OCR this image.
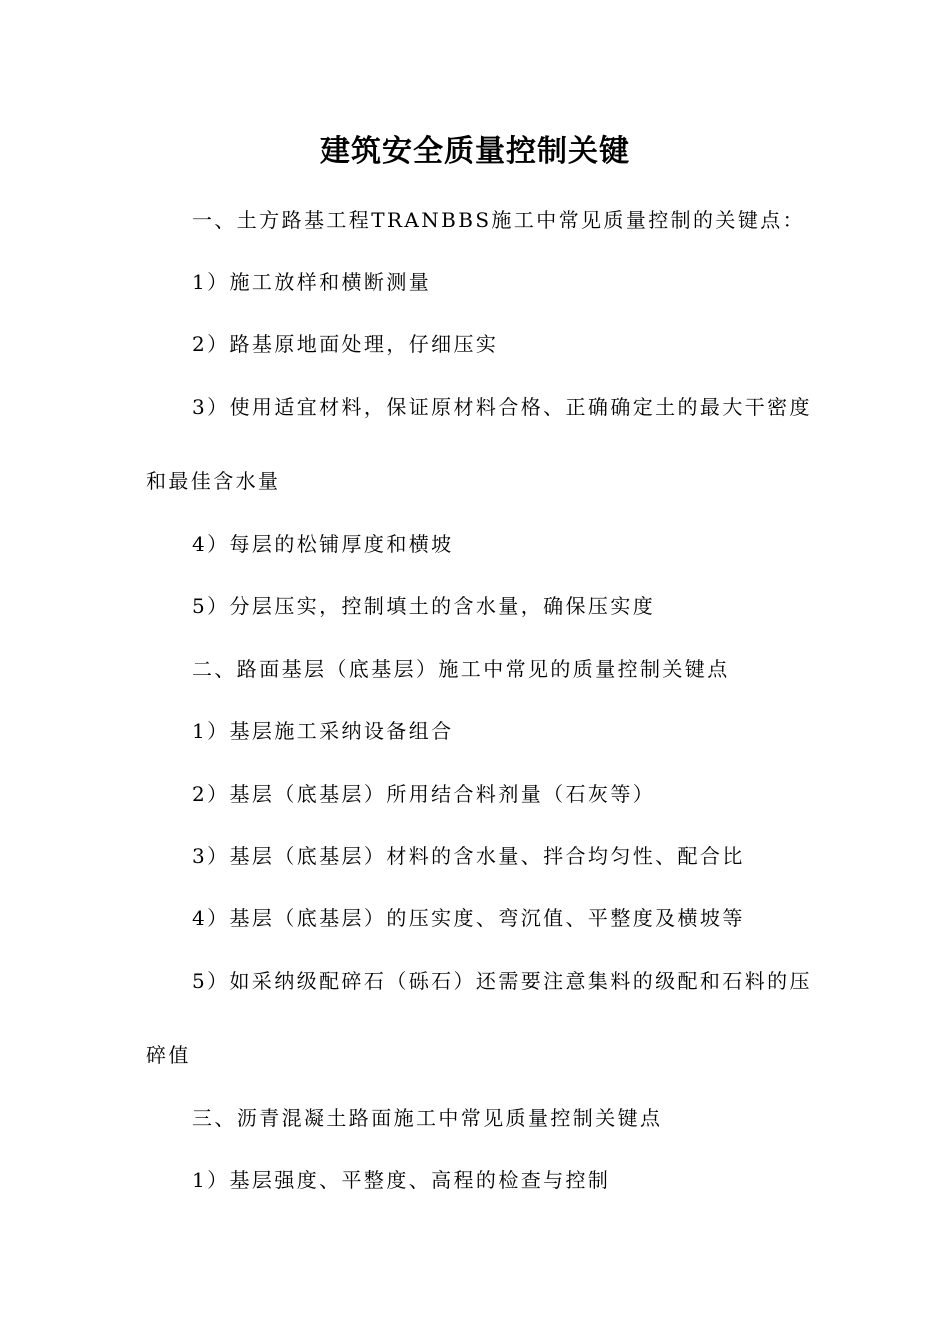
建筑安全质量控制关键
一、土方路基工程TRANBBS施工中常见质量控制的关键点：
1）施工放样和横断测量
2）路基原地面处理，仔细压实
3）使用适宜材料，保证原材料合格、正确确定土的最大干密度
和最佳含水量
4）每层的松铺厚度和横坡
5）分层压实，控制填土的含水量，确保压实度
二、路面基层（底基层）施工中常见的质量控制关键点
1）基层施工采纳设备组合
2）基层（底基层）所用结合料剂量（石灰等）
3）基层（底基层）材料的含水量、拌合均匀性、配合比
4）基层（底基层）的压实度、弯沉值、平整度及横坡等
5）如采纳级配碎石（砾石）还需要注意集料的级配和石料的压
碎值
三、沥青混凝土路面施工中常见质量控制关键点
1）基层强度、平整度、高程的检查与控制
